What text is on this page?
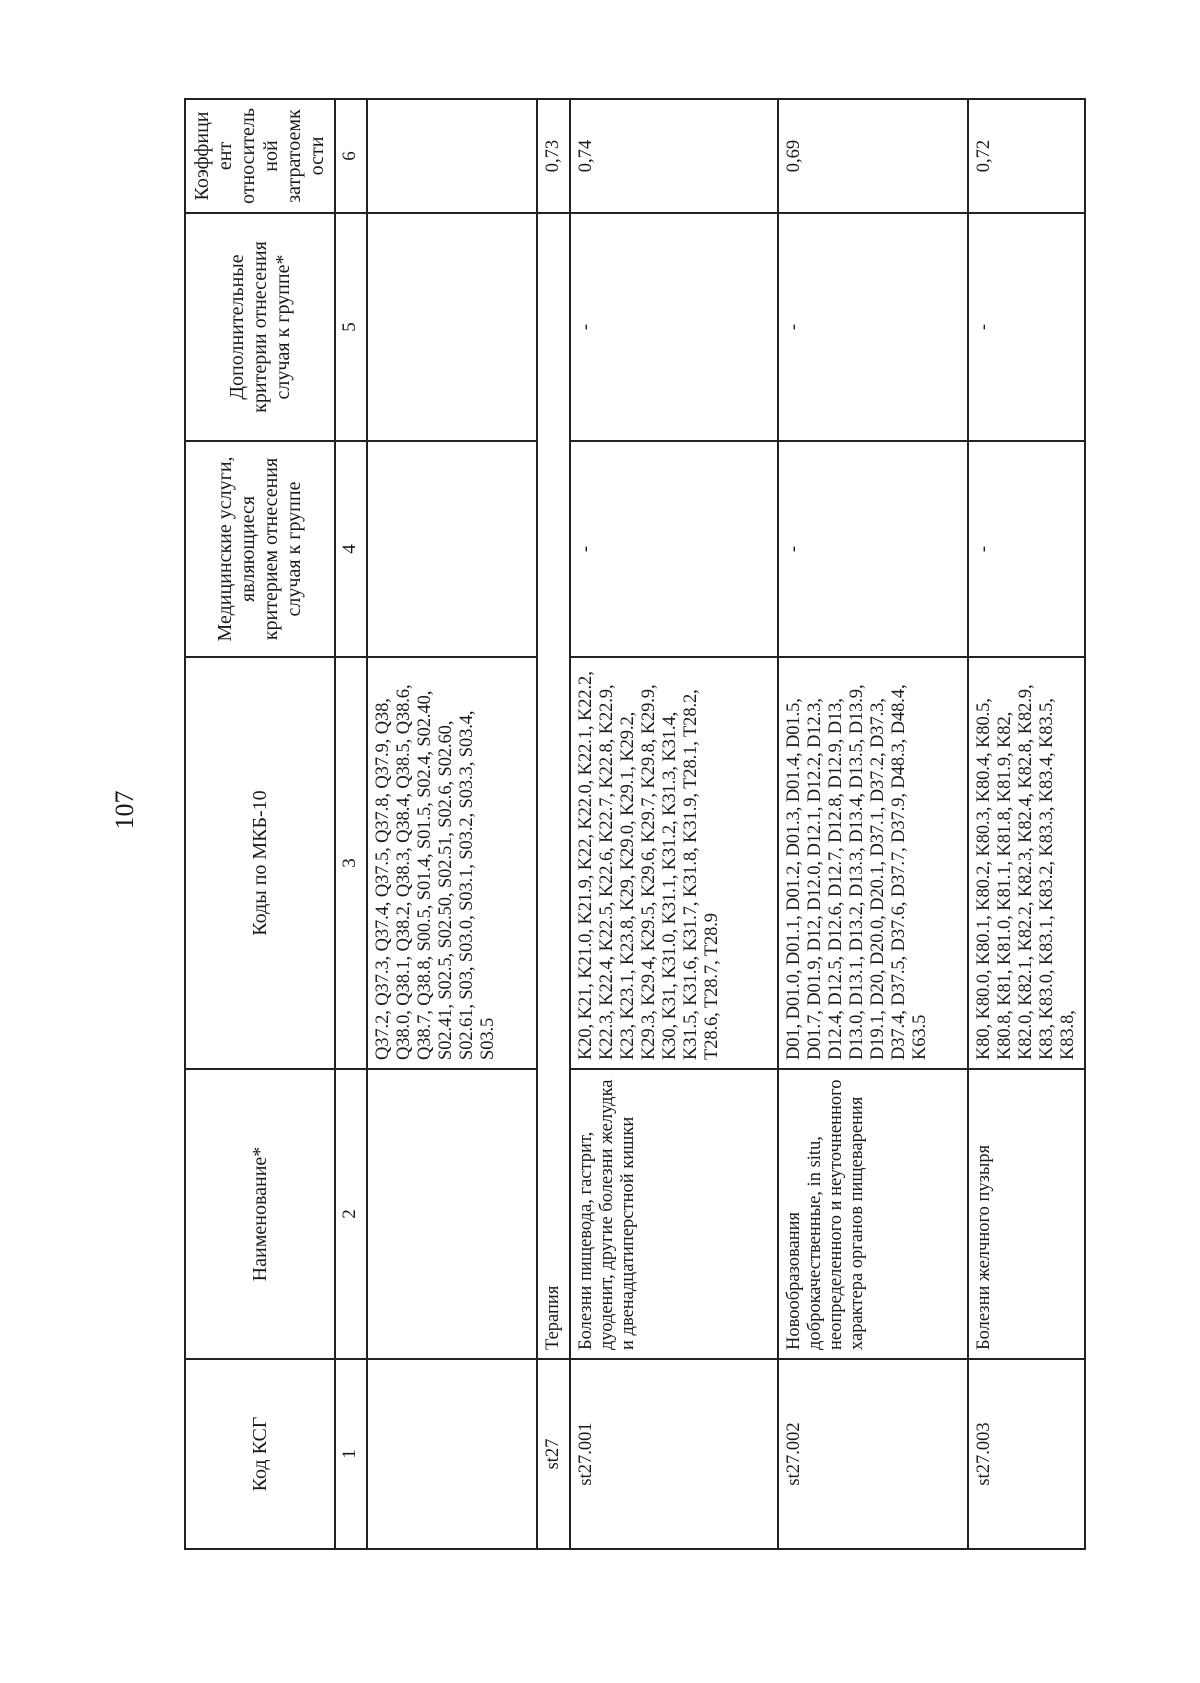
107
Код КСГ	Наименование*	Коды по МКБ-10	Медицинские услуги, являющиеся критерием отнесения случая к группе	Дополнительные критерии отнесения случая к группе*	Коэффициент относительной затратоемкости
1	2	3	4	5	6
		Q37.2, Q37.3, Q37.4, Q37.5, Q37.8, Q37.9, Q38, Q38.0, Q38.1, Q38.2, Q38.3, Q38.4, Q38.5, Q38.6, Q38.7, Q38.8, S00.5, S01.4, S01.5, S02.4, S02.40, S02.41, S02.5, S02.50, S02.51, S02.6, S02.60, S02.61, S03, S03.0, S03.1, S03.2, S03.3, S03.4, S03.5			
st27	Терапия				0,73
st27.001	Болезни пищевода, гастрит, дуоденит, другие болезни желудка и двенадцатиперстной кишки	K20, K21, K21.0, K21.9, K22, K22.0, K22.1, K22.2, K22.3, K22.4, K22.5, K22.6, K22.7, K22.8, K22.9, K23, K23.1, K23.8, K29, K29.0, K29.1, K29.2, K29.3, K29.4, K29.5, K29.6, K29.7, K29.8, K29.9, K30, K31, K31.0, K31.1, K31.2, K31.3, K31.4, K31.5, K31.6, K31.7, K31.8, K31.9, T28.1, T28.2, T28.6, T28.7, T28.9	-	-	0,74
st27.002	Новообразования доброкачественные, in situ, неопределенного и неуточненного характера органов пищеварения	D01, D01.0, D01.1, D01.2, D01.3, D01.4, D01.5, D01.7, D01.9, D12, D12.0, D12.1, D12.2, D12.3, D12.4, D12.5, D12.6, D12.7, D12.8, D12.9, D13, D13.0, D13.1, D13.2, D13.3, D13.4, D13.5, D13.9, D19.1, D20, D20.0, D20.1, D37.1, D37.2, D37.3, D37.4, D37.5, D37.6, D37.7, D37.9, D48.3, D48.4, K63.5	-	-	0,69
st27.003	Болезни желчного пузыря	K80, K80.0, K80.1, K80.2, K80.3, K80.4, K80.5, K80.8, K81, K81.0, K81.1, K81.8, K81.9, K82, K82.0, K82.1, K82.2, K82.3, K82.4, K82.8, K82.9, K83, K83.0, K83.1, K83.2, K83.3, K83.4, K83.5, K83.8,	-	-	0,72
